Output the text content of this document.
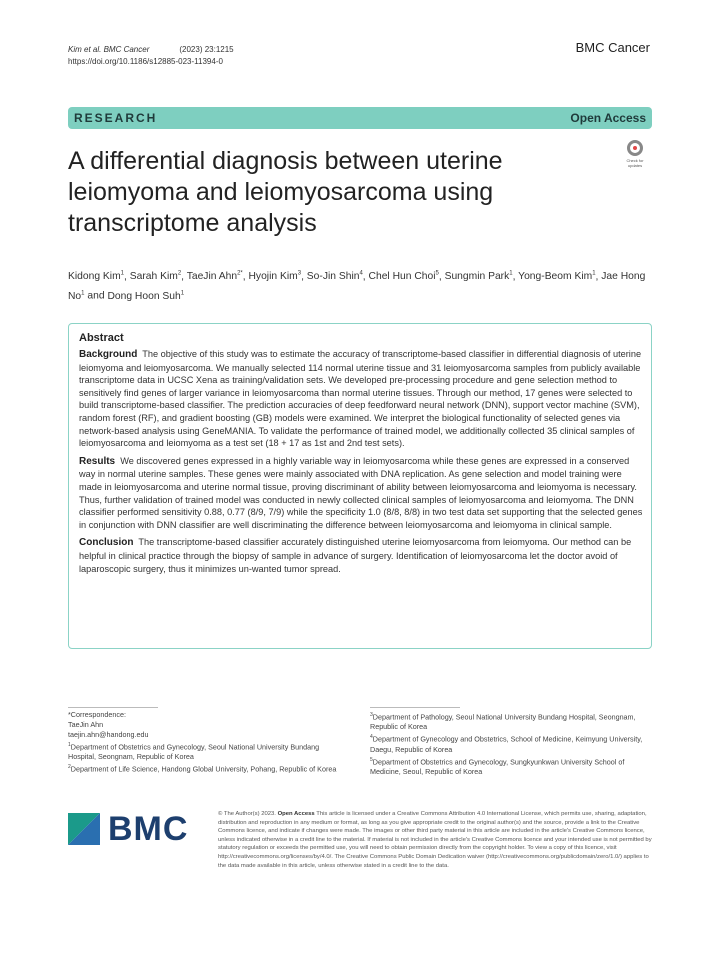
Kim et al. BMC Cancer	(2023) 23:1215
https://doi.org/10.1186/s12885-023-11394-0
BMC Cancer
RESEARCH	Open Access
A differential diagnosis between uterine leiomyoma and leiomyosarcoma using transcriptome analysis
Check for
updates
Kidong Kim$^1$, Sarah Kim$^2$, TaeJin Ahn$^{2*}$, Hyojin Kim$^3$, So-Jin Shin$^4$, Chel Hun Choi$^5$, Sungmin Park$^1$, Yong-Beom Kim$^1$, Jae Hong No$^1$ and Dong Hoon Suh$^1$
Abstract

Background The objective of this study was to estimate the accuracy of transcriptome-based classifier in differential diagnosis of uterine leiomyoma and leiomyosarcoma. We manually selected 114 normal uterine tissue and 31 leiomyosarcoma samples from publicly available transcriptome data in UCSC Xena as training/validation sets. We developed pre-processing procedure and gene selection method to sensitively find genes of larger variance in leiomyosarcoma than normal uterine tissues. Through our method, 17 genes were selected to build transcriptome-based classifier. The prediction accuracies of deep feedforward neural network (DNN), support vector machine (SVM), random forest (RF), and gradient boosting (GB) models were examined. We interpret the biological functionality of selected genes via network-based analysis using GeneMANIA. To validate the performance of trained model, we additionally collected 35 clinical samples of leiomyosarcoma and leiomyoma as a test set (18 + 17 as 1st and 2nd test sets).

Results We discovered genes expressed in a highly variable way in leiomyosarcoma while these genes are expressed in a conserved way in normal uterine samples. These genes were mainly associated with DNA replication. As gene selection and model training were made in leiomyosarcoma and uterine normal tissue, proving discriminant of ability between leiomyosarcoma and leiomyoma is necessary. Thus, further validation of trained model was conducted in newly collected clinical samples of leiomyosarcoma and leiomyoma. The DNN classifier performed sensitivity 0.88, 0.77 (8/9, 7/9) while the specificity 1.0 (8/8, 8/8) in two test data set supporting that the selected genes in conjunction with DNN classifier are well discriminating the difference between leiomyosarcoma and leiomyoma in clinical sample.

Conclusion The transcriptome-based classifier accurately distinguished uterine leiomyosarcoma from leiomyoma. Our method can be helpful in clinical practice through the biopsy of sample in advance of surgery. Identification of leiomyosarcoma let the doctor avoid of laparoscopic surgery, thus it minimizes un-wanted tumor spread.

*Correspondence:
TaeJin Ahn
taejin.ahn@handong.edu
$^1$Department of Obstetrics and Gynecology, Seoul National University Bundang Hospital, Seongnam, Republic of Korea
$^2$Department of Life Science, Handong Global University, Pohang, Republic of Korea
$^3$Department of Pathology, Seoul National University Bundang Hospital, Seongnam, Republic of Korea
$^4$Department of Gynecology and Obstetrics, School of Medicine, Keimyung University, Daegu, Republic of Korea
$^5$Department of Obstetrics and Gynecology, Sungkyunkwan University School of Medicine, Seoul, Republic of Korea
BMC	© The Author(s) 2023. Open Access This article is licensed under a Creative Commons Attribution 4.0 International License, which permits use, sharing, adaptation, distribution and reproduction in any medium or format, as long as you give appropriate credit to the original author(s) and the source, provide a link to the Creative Commons licence, and indicate if changes were made. The images or other third party material in this article are included in the article's Creative Commons licence, unless indicated otherwise in a credit line to the material. If material is not included in the article's Creative Commons licence and your intended use is not permitted by statutory regulation or exceeds the permitted use, you will need to obtain permission directly from the copyright holder. To view a copy of this licence, visit http://creativecommons.org/licenses/by/4.0/. The Creative Commons Public Domain Dedication waiver (http://creativecommons.org/publicdomain/zero/1.0/) applies to the data made available in this article, unless otherwise stated in a credit line to the data.
